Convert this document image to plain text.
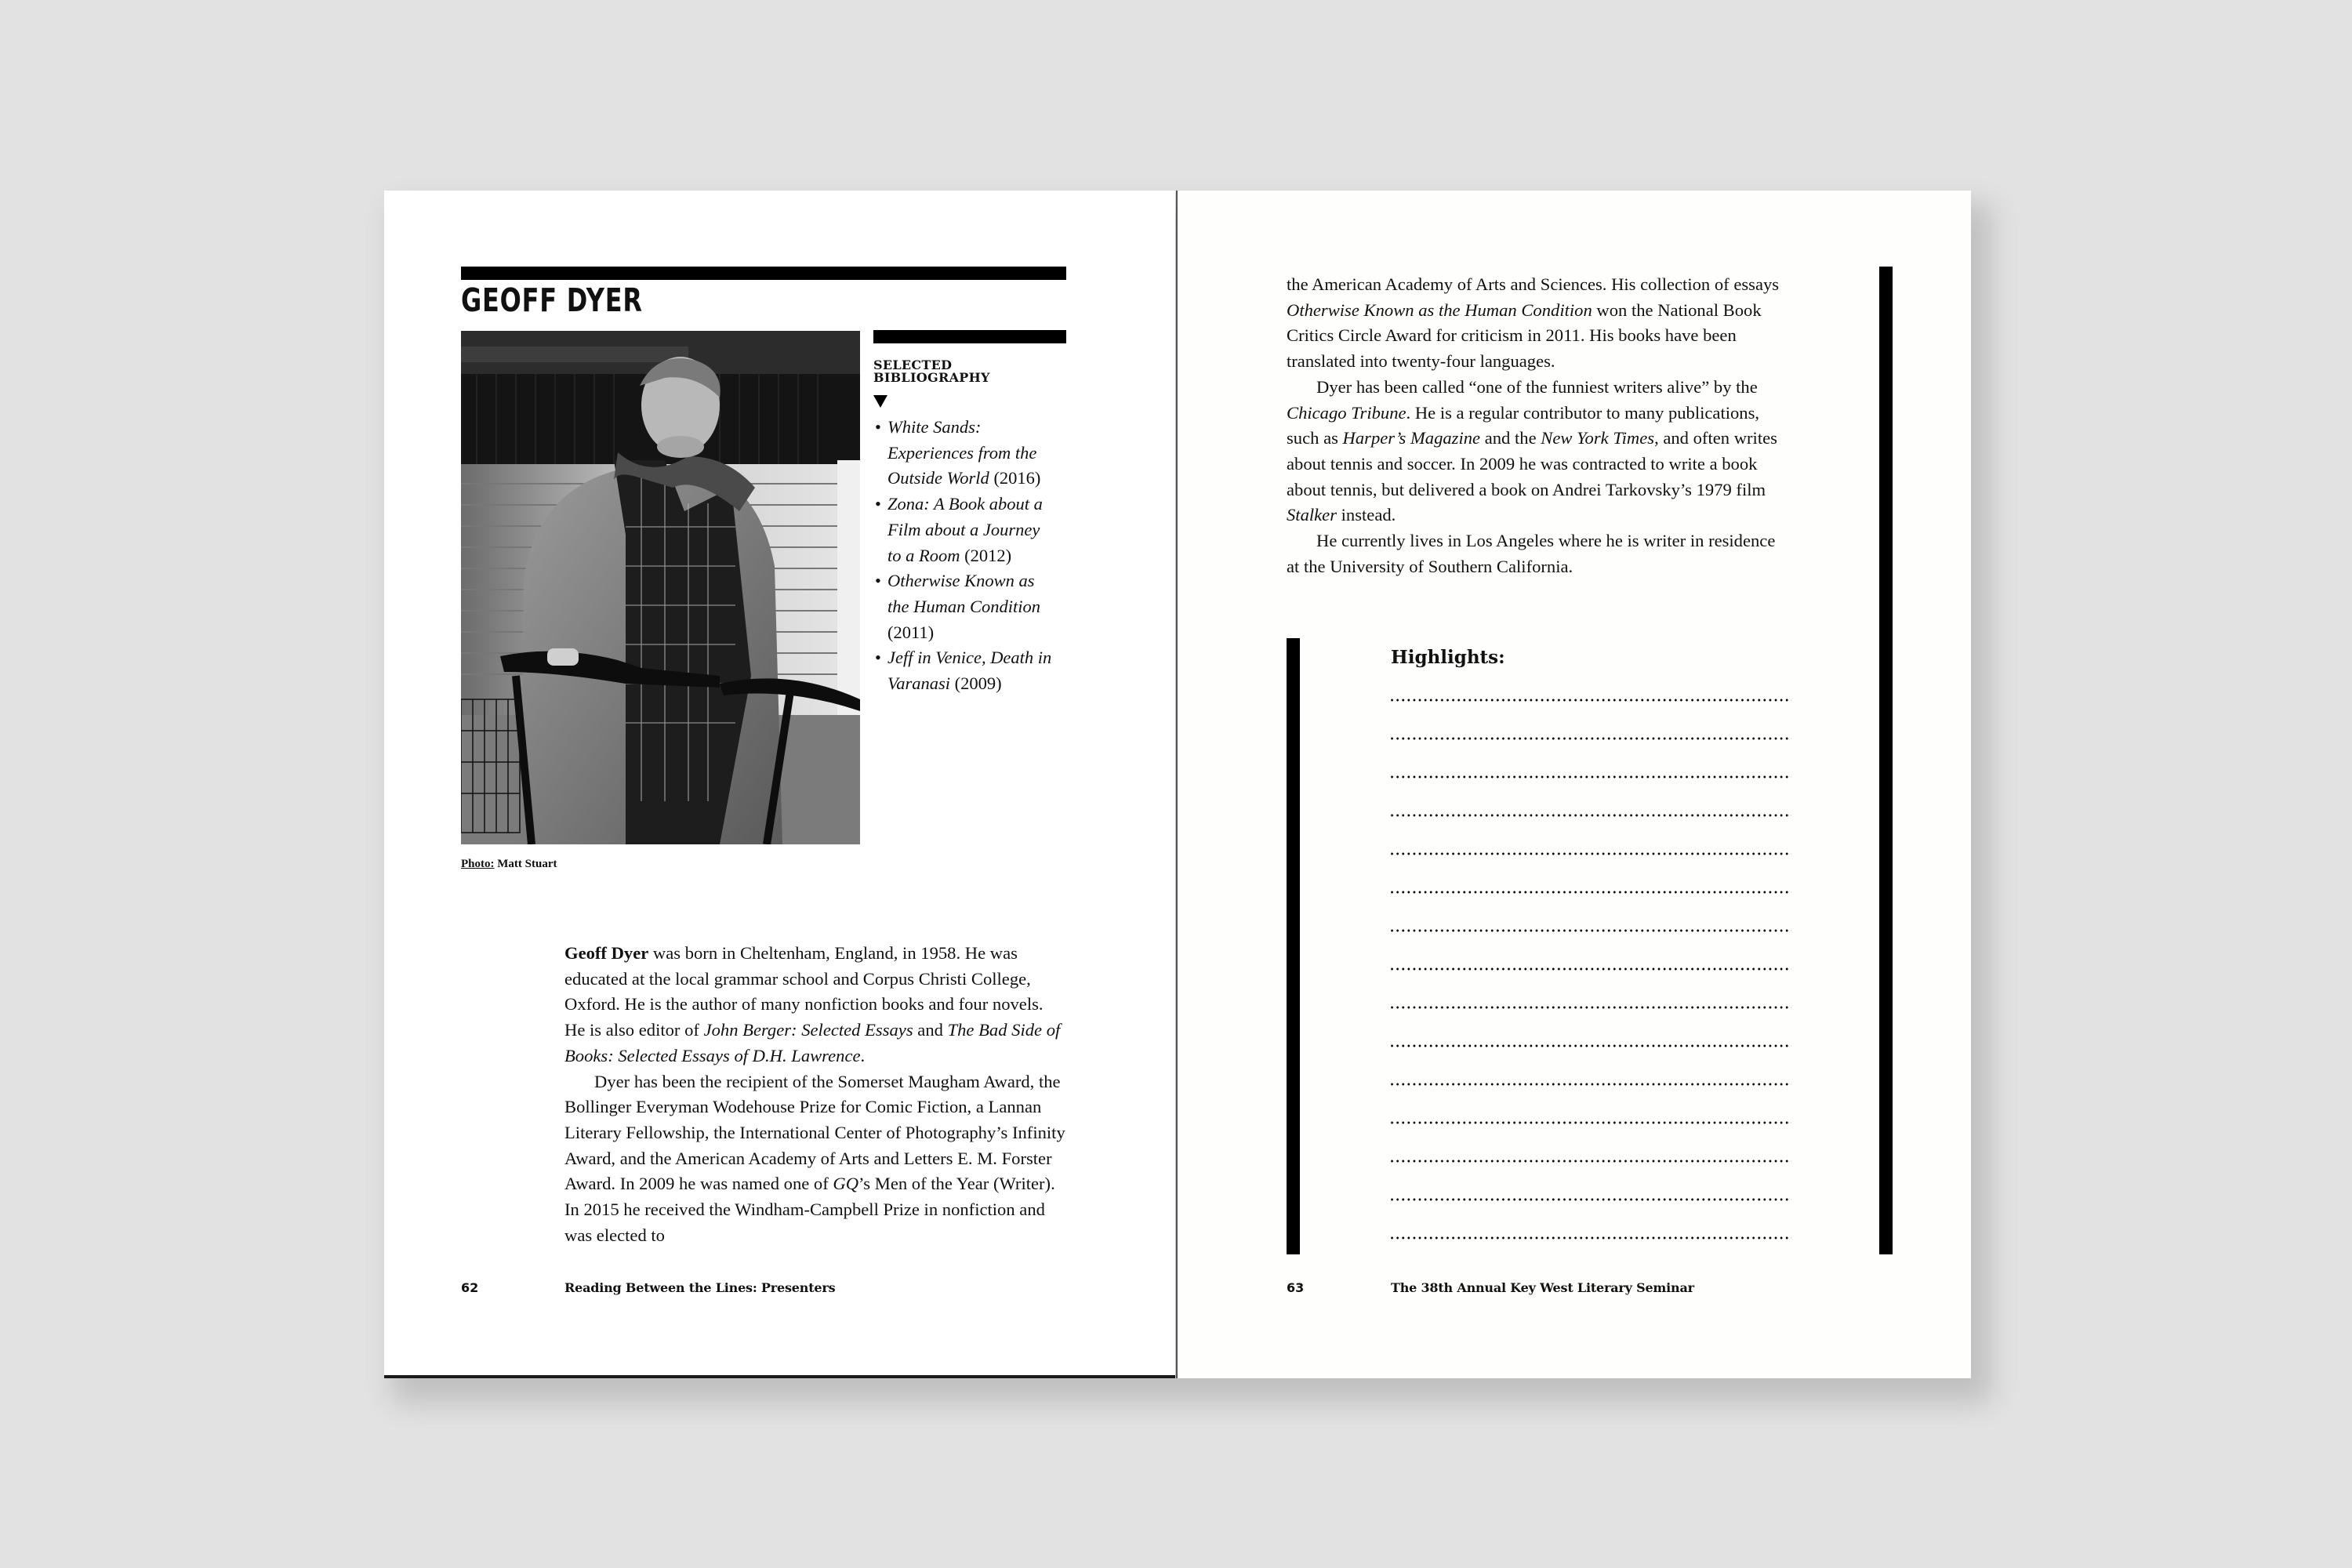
GEOFF DYER
SELECTED
BIBLIOGRAPHY
• White Sands:
Experiences from the
Outside World (2016)
• Zona: A Book about a
Film about a Journey
to a Room (2012)
• Otherwise Known as
the Human Condition
(2011)
• Jeff in Venice, Death in
Varanasi (2009)
Photo: Matt Stuart

Geoff Dyer was born in Cheltenham, England, in 1958. He was educated at the local grammar school and Corpus Christi College, Oxford. He is the author of many nonfiction books and four novels. He is also editor of John Berger: Selected Essays and The Bad Side of Books: Selected Essays of D.H. Lawrence.

Dyer has been the recipient of the Somerset Maugham Award, the Bollinger Everyman Wodehouse Prize for Comic Fiction, a Lannan Literary Fellowship, the International Center of Photography’s Infinity Award, and the American Academy of Arts and Letters E. M. Forster Award. In 2009 he was named one of GQ’s Men of the Year (Writer). In 2015 he received the Windham-Campbell Prize in nonfiction and was elected to

62	Reading Between the Lines: Presenters

the American Academy of Arts and Sciences. His collection of essays Otherwise Known as the Human Condition won the National Book Critics Circle Award for criticism in 2011. His books have been translated into twenty-four languages.

Dyer has been called “one of the funniest writers alive” by the Chicago Tribune. He is a regular contributor to many publications, such as Harper’s Magazine and the New York Times, and often writes about tennis and soccer. In 2009 he was contracted to write a book about tennis, but delivered a book on Andrei Tarkovsky’s 1979 film Stalker instead.

He currently lives in Los Angeles where he is writer in residence at the University of Southern California.

Highlights:
63	The 38th Annual Key West Literary Seminar
